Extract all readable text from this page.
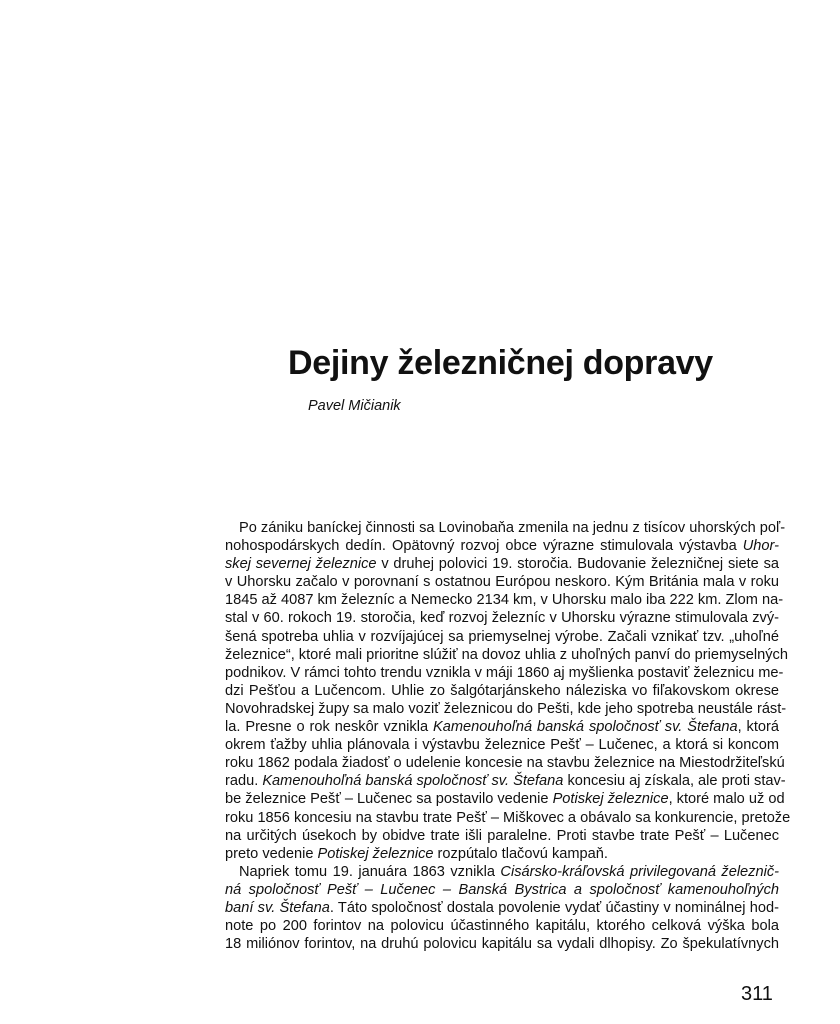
Dejiny železničnej dopravy

Pavel Mičianik

Po zániku baníckej činnosti sa Lovinobaňa zmenila na jednu z tisícov uhorských poľ-
nohospodárskych dedín. Opätovný rozvoj obce výrazne stimulovala výstavba Uhor-
skej severnej železnice v druhej polovici 19. storočia. Budovanie železničnej siete sa
v Uhorsku začalo v porovnaní s ostatnou Európou neskoro. Kým Británia mala v roku
1845 až 4087 km železníc a Nemecko 2134 km, v Uhorsku malo iba 222 km. Zlom na-
stal v 60. rokoch 19. storočia, keď rozvoj železníc v Uhorsku výrazne stimulovala zvý-
šená spotreba uhlia v rozvíjajúcej sa priemyselnej výrobe. Začali vznikať tzv. „uhoľné
železnice“, ktoré mali prioritne slúžiť na dovoz uhlia z uhoľných panví do priemyselných
podnikov. V rámci tohto trendu vznikla v máji 1860 aj myšlienka postaviť železnicu me-
dzi Pešťou a Lučencom. Uhlie zo šalgótarjánskeho náleziska vo fiľakovskom okrese
Novohradskej župy sa malo voziť železnicou do Pešti, kde jeho spotreba neustále rást-
la. Presne o rok neskôr vznikla Kamenouhoľná banská spoločnosť sv. Štefana, ktorá
okrem ťažby uhlia plánovala i výstavbu železnice Pešť – Lučenec, a ktorá si koncom
roku 1862 podala žiadosť o udelenie koncesie na stavbu železnice na Miestodržiteľskú
radu. Kamenouhoľná banská spoločnosť sv. Štefana koncesiu aj získala, ale proti stav-
be železnice Pešť – Lučenec sa postavilo vedenie Potiskej železnice, ktoré malo už od
roku 1856 koncesiu na stavbu trate Pešť – Miškovec a obávalo sa konkurencie, pretože
na určitých úsekoch by obidve trate išli paralelne. Proti stavbe trate Pešť – Lučenec
preto vedenie Potiskej železnice rozpútalo tlačovú kampaň.
Napriek tomu 19. januára 1863 vznikla Cisársko-kráľovská privilegovaná železnič-
ná spoločnosť Pešť – Lučenec – Banská Bystrica a spoločnosť kamenouhoľných
baní sv. Štefana. Táto spoločnosť dostala povolenie vydať účastiny v nominálnej hod-
note po 200 forintov na polovicu účastinného kapitálu, ktorého celková výška bola
18 miliónov forintov, na druhú polovicu kapitálu sa vydali dlhopisy. Zo špekulatívnych

311
